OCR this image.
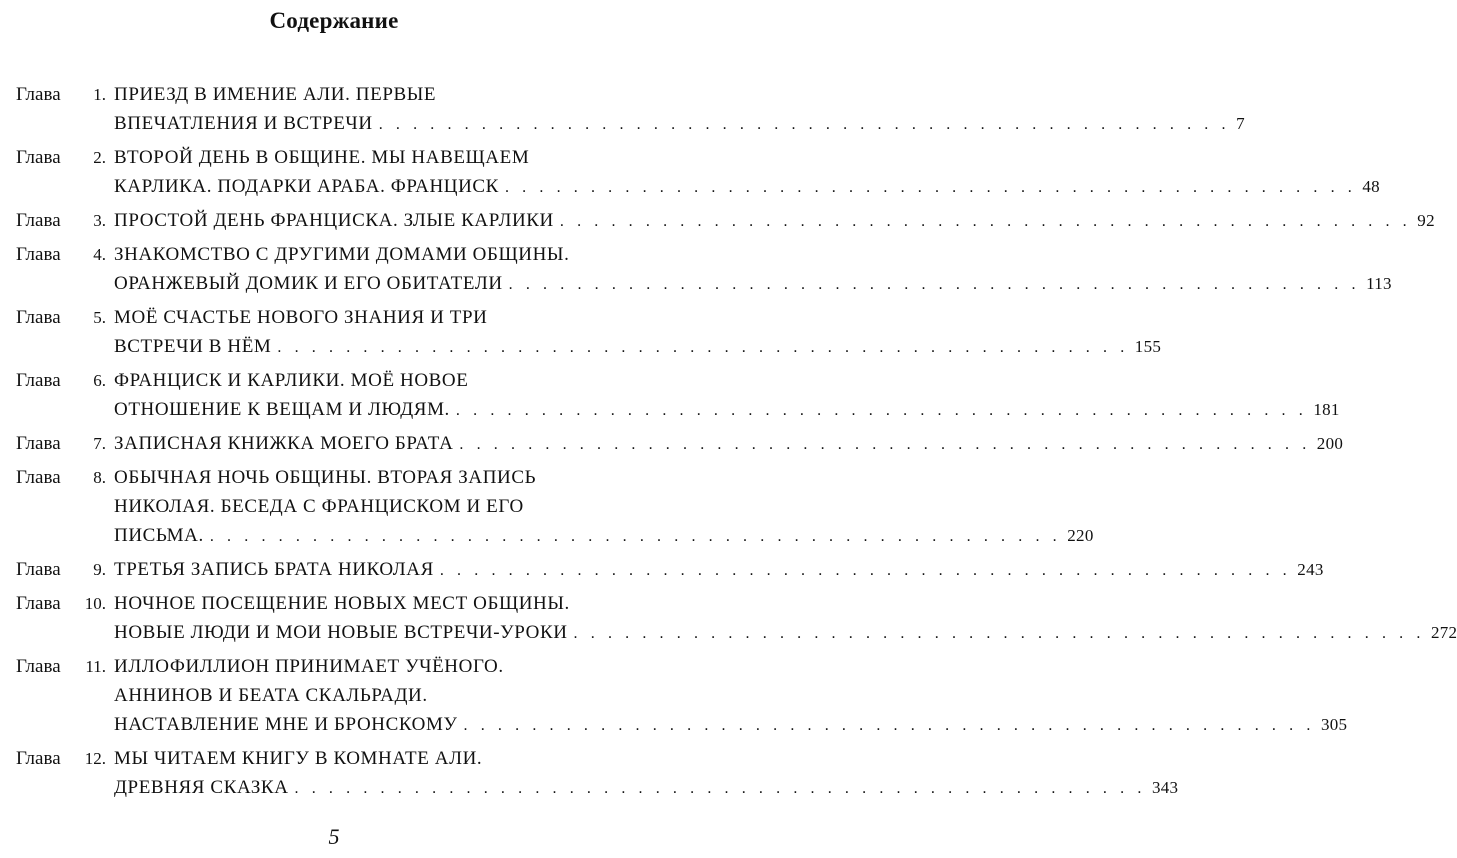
Содержание
Глава	1. ПРИЕЗД В ИМЕНИЕ АЛИ. ПЕРВЫЕ
ВПЕЧАТЛЕНИЯ И ВСТРЕЧИ . . . . . . . . . . . . . . . . . . . . . . . . . . . . . . . . . . . . . . . . . . . . . . . . . . 7
Глава	2. ВТОРОЙ ДЕНЬ В ОБЩИНЕ. МЫ НАВЕЩАЕМ
КАРЛИКА. ПОДАРКИ АРАБА. ФРАНЦИСК . . . . . . . . . . . . . . . . . . . . . . . . . . . . . . . . . . . . . . . . . . . . . . . . . . 48
Глава	3. ПРОСТОЙ ДЕНЬ ФРАНЦИСКА. ЗЛЫЕ КАРЛИКИ . . . . . . . . . . . . . . . . . . . . . . . . . . . . . . . . . . . . . . . . . . . . . . . . . . 92
Глава	4. ЗНАКОМСТВО С ДРУГИМИ ДОМАМИ ОБЩИНЫ.
ОРАНЖЕВЫЙ ДОМИК И ЕГО ОБИТАТЕЛИ . . . . . . . . . . . . . . . . . . . . . . . . . . . . . . . . . . . . . . . . . . . . . . . . . . 113
Глава	5. МОЁ СЧАСТЬЕ НОВОГО ЗНАНИЯ И ТРИ
ВСТРЕЧИ В НЁМ . . . . . . . . . . . . . . . . . . . . . . . . . . . . . . . . . . . . . . . . . . . . . . . . . . 155
Глава	6. ФРАНЦИСК И КАРЛИКИ. МОЁ НОВОЕ
ОТНОШЕНИЕ К ВЕЩАМ И ЛЮДЯМ. . . . . . . . . . . . . . . . . . . . . . . . . . . . . . . . . . . . . . . . . . . . . . . . . . . 181
Глава	7. ЗАПИСНАЯ КНИЖКА МОЕГО БРАТА . . . . . . . . . . . . . . . . . . . . . . . . . . . . . . . . . . . . . . . . . . . . . . . . . . 200
Глава	8. ОБЫЧНАЯ НОЧЬ ОБЩИНЫ. ВТОРАЯ ЗАПИСЬ
НИКОЛАЯ. БЕСЕДА С ФРАНЦИСКОМ И ЕГО
ПИСЬМА. . . . . . . . . . . . . . . . . . . . . . . . . . . . . . . . . . . . . . . . . . . . . . . . . . . 220
Глава	9. ТРЕТЬЯ ЗАПИСЬ БРАТА НИКОЛАЯ . . . . . . . . . . . . . . . . . . . . . . . . . . . . . . . . . . . . . . . . . . . . . . . . . . 243
Глава	10. НОЧНОЕ ПОСЕЩЕНИЕ НОВЫХ МЕСТ ОБЩИНЫ.
НОВЫЕ ЛЮДИ И МОИ НОВЫЕ ВСТРЕЧИ-УРОКИ . . . . . . . . . . . . . . . . . . . . . . . . . . . . . . . . . . . . . . . . . . . . . . . . . . 272
Глава	11. ИЛЛОФИЛЛИОН ПРИНИМАЕТ УЧЁНОГО.
АННИНОВ И БЕАТА СКАЛЬРАДИ.
НАСТАВЛЕНИЕ МНЕ И БРОНСКОМУ . . . . . . . . . . . . . . . . . . . . . . . . . . . . . . . . . . . . . . . . . . . . . . . . . . 305
Глава	12. МЫ ЧИТАЕМ КНИГУ В КОМНАТЕ АЛИ.
ДРЕВНЯЯ СКАЗКА . . . . . . . . . . . . . . . . . . . . . . . . . . . . . . . . . . . . . . . . . . . . . . . . . . 343
5
